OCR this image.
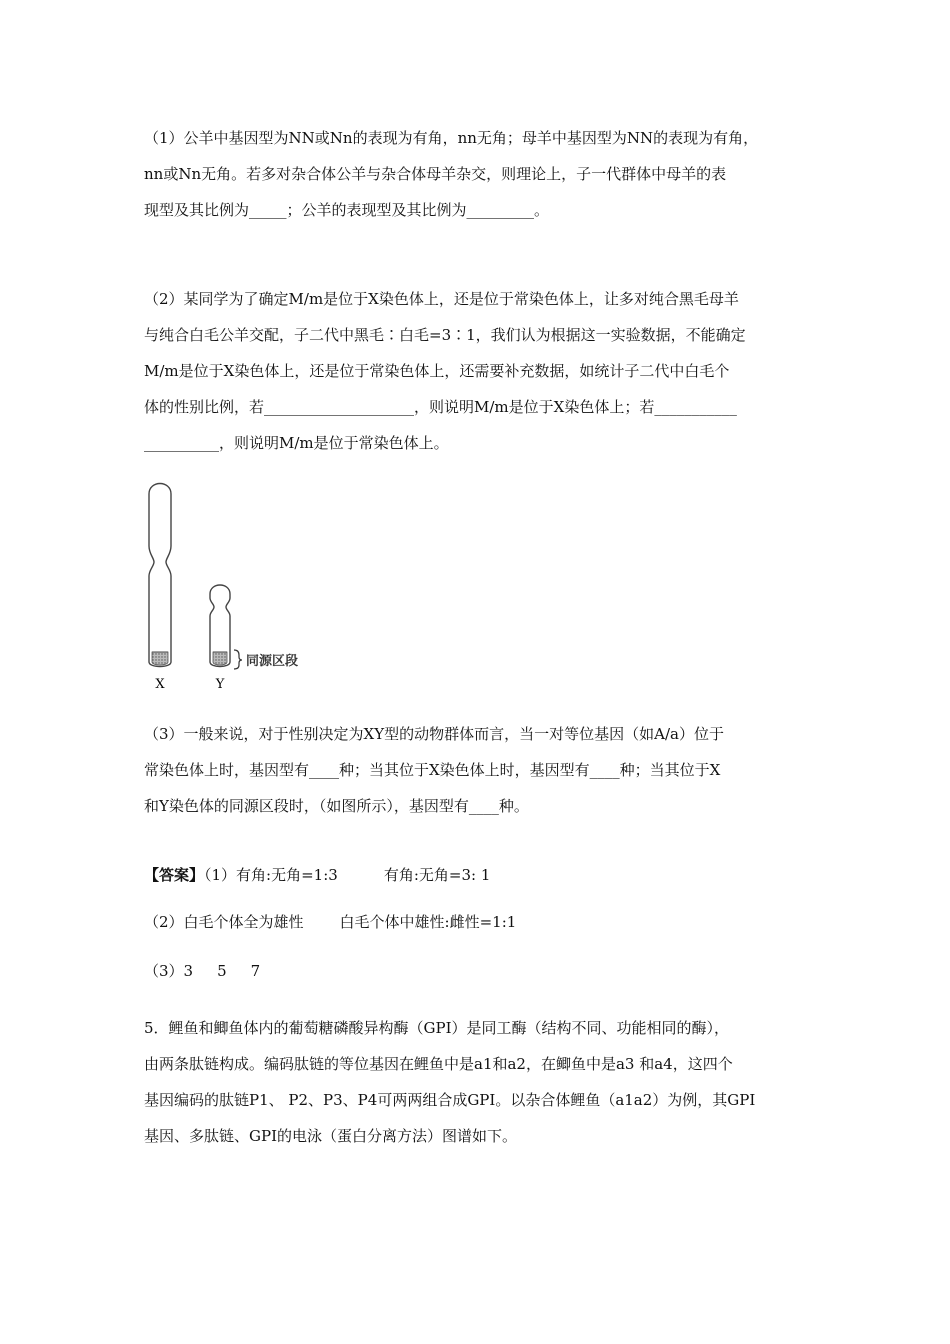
（1）公羊中基因型为NN或Nn的表现为有角，nn无角；母羊中基因型为NN的表现为有角，
nn或Nn无角。若多对杂合体公羊与杂合体母羊杂交，则理论上，子一代群体中母羊的表
现型及其比例为_____；公羊的表现型及其比例为_________。
（2）某同学为了确定M/m是位于X染色体上，还是位于常染色体上，让多对纯合黑毛母羊
与纯合白毛公羊交配，子二代中黑毛∶白毛=3∶1，我们认为根据这一实验数据，不能确定
M/m是位于X染色体上，还是位于常染色体上，还需要补充数据，如统计子二代中白毛个
体的性别比例，若____________________，则说明M/m是位于X染色体上；若___________
__________，则说明M/m是位于常染色体上。
X	Y
同源区段
（3）一般来说，对于性别决定为XY型的动物群体而言，当一对等位基因（如A/a）位于
常染色体上时，基因型有____种；当其位于X染色体上时，基因型有____种；当其位于X
和Y染色体的同源区段时，（如图所示），基因型有____种。
【答案】（1）有角:无角=1:3	有角:无角=3: 1
（2）白毛个体全为雄性 白毛个体中雄性:雌性=1:1
（3）3 5 7
5．鲤鱼和鲫鱼体内的葡萄糖磷酸异构酶（GPI）是同工酶（结构不同、功能相同的酶），
由两条肽链构成。编码肽链的等位基因在鲤鱼中是a1和a2，在鲫鱼中是a3 和a4，这四个
基因编码的肽链P1、 P2、P3、P4可两两组合成GPI。以杂合体鲤鱼（a1a2）为例，其GPI
基因、多肽链、GPI的电泳（蛋白分离方法）图谱如下。
